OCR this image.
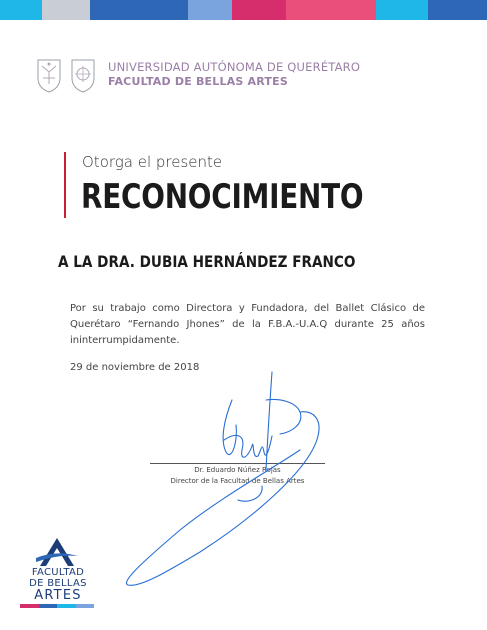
UNIVERSIDAD AUTÓNOMA DE QUERÉTARO
FACULTAD DE BELLAS ARTES
Otorga el presente
RECONOCIMIENTO
A LA DRA. DUBIA HERNÁNDEZ FRANCO

Por su trabajo como Directora y Fundadora, del Ballet Clásico de Querétaro “Fernando Jhones” de la F.B.A.-U.A.Q durante 25 años ininterrumpidamente.

29 de noviembre de 2018
Dr. Eduardo Núñez Rojas
Director de la Facultad de Bellas Artes
FACULTAD
DE BELLAS
ARTES
